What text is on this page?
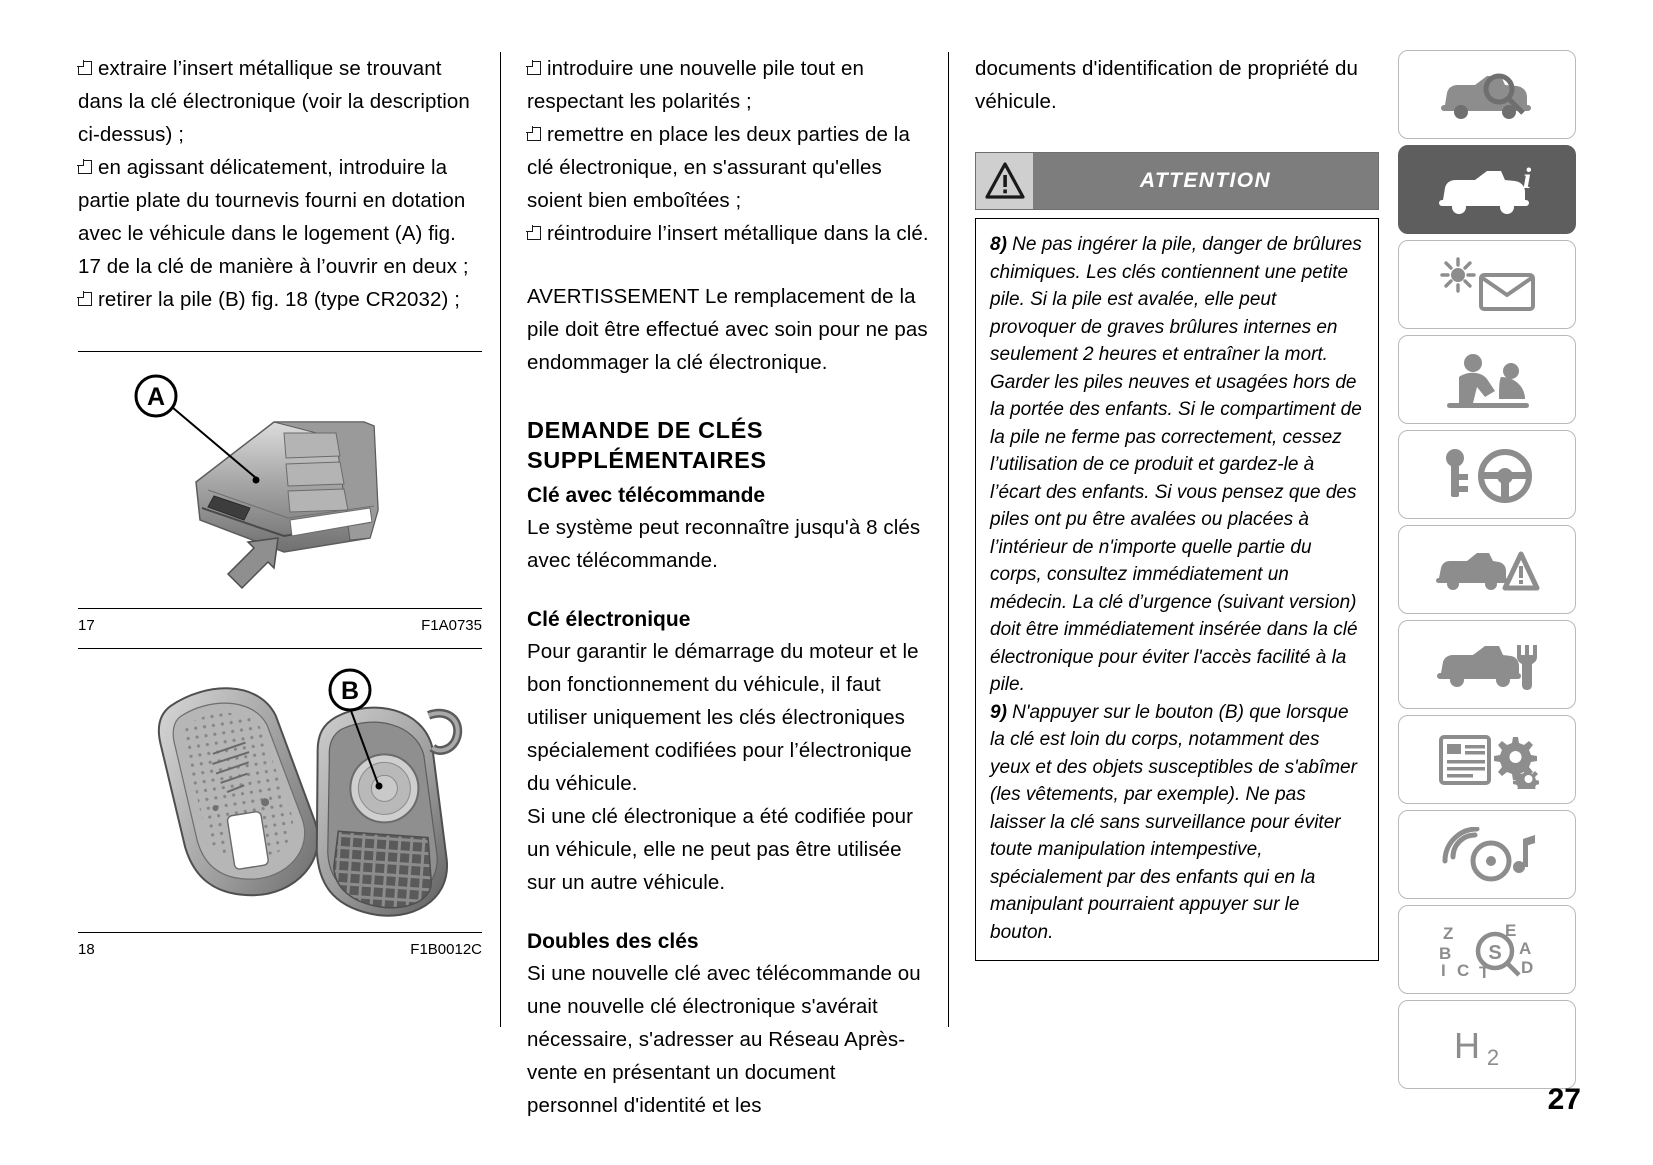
extraire l’insert métallique se trouvant dans la clé électronique (voir la description ci-dessus) ;

en agissant délicatement, introduire la partie plate du tournevis fourni en dotation avec le véhicule dans le logement (A) fig. 17 de la clé de manière à l’ouvrir en deux ;

retirer la pile (B) fig. 18 (type CR2032) ;

A
17	F1A0735
B
18	F1B0012C

introduire une nouvelle pile tout en respectant les polarités ;

remettre en place les deux parties de la clé électronique, en s'assurant qu'elles soient bien emboîtées ;

réintroduire l’insert métallique dans la clé.

AVERTISSEMENT Le remplacement de la pile doit être effectué avec soin pour ne pas endommager la clé électronique.

DEMANDE DE CLÉS SUPPLÉMENTAIRES
Clé avec télécommande

Le système peut reconnaître jusqu'à 8 clés avec télécommande.

Clé électronique

Pour garantir le démarrage du moteur et le bon fonctionnement du véhicule, il faut utiliser uniquement les clés électroniques spécialement codifiées pour l’électronique du véhicule.

Si une clé électronique a été codifiée pour un véhicule, elle ne peut pas être utilisée sur un autre véhicule.

Doubles des clés

Si une nouvelle clé avec télécommande ou une nouvelle clé électronique s'avérait nécessaire, s'adresser au Réseau Après-vente en présentant un document personnel d'identité et les

documents d'identification de propriété du véhicule.

ATTENTION

8) Ne pas ingérer la pile, danger de brûlures chimiques. Les clés contiennent une petite pile. Si la pile est avalée, elle peut provoquer de graves brûlures internes en seulement 2 heures et entraîner la mort. Garder les piles neuves et usagées hors de la portée des enfants. Si le compartiment de la pile ne ferme pas correctement, cessez l’utilisation de ce produit et gardez-le à l’écart des enfants. Si vous pensez que des piles ont pu être avalées ou placées à l’intérieur de n'importe quelle partie du corps, consultez immédiatement un médecin. La clé d’urgence (suivant version) doit être immédiatement insérée dans la clé électronique pour éviter l'accès facilité à la pile.

9) N'appuyer sur le bouton (B) que lorsque la clé est loin du corps, notamment des yeux et des objets susceptibles de s'abîmer (les vêtements, par exemple). Ne pas laisser la clé sans surveillance pour éviter toute manipulation intempestive, spécialement par des enfants qui en la manipulant pourraient appuyer sur le bouton.

i
Z
B
I C
E
A
D
T
S
H 2
27
